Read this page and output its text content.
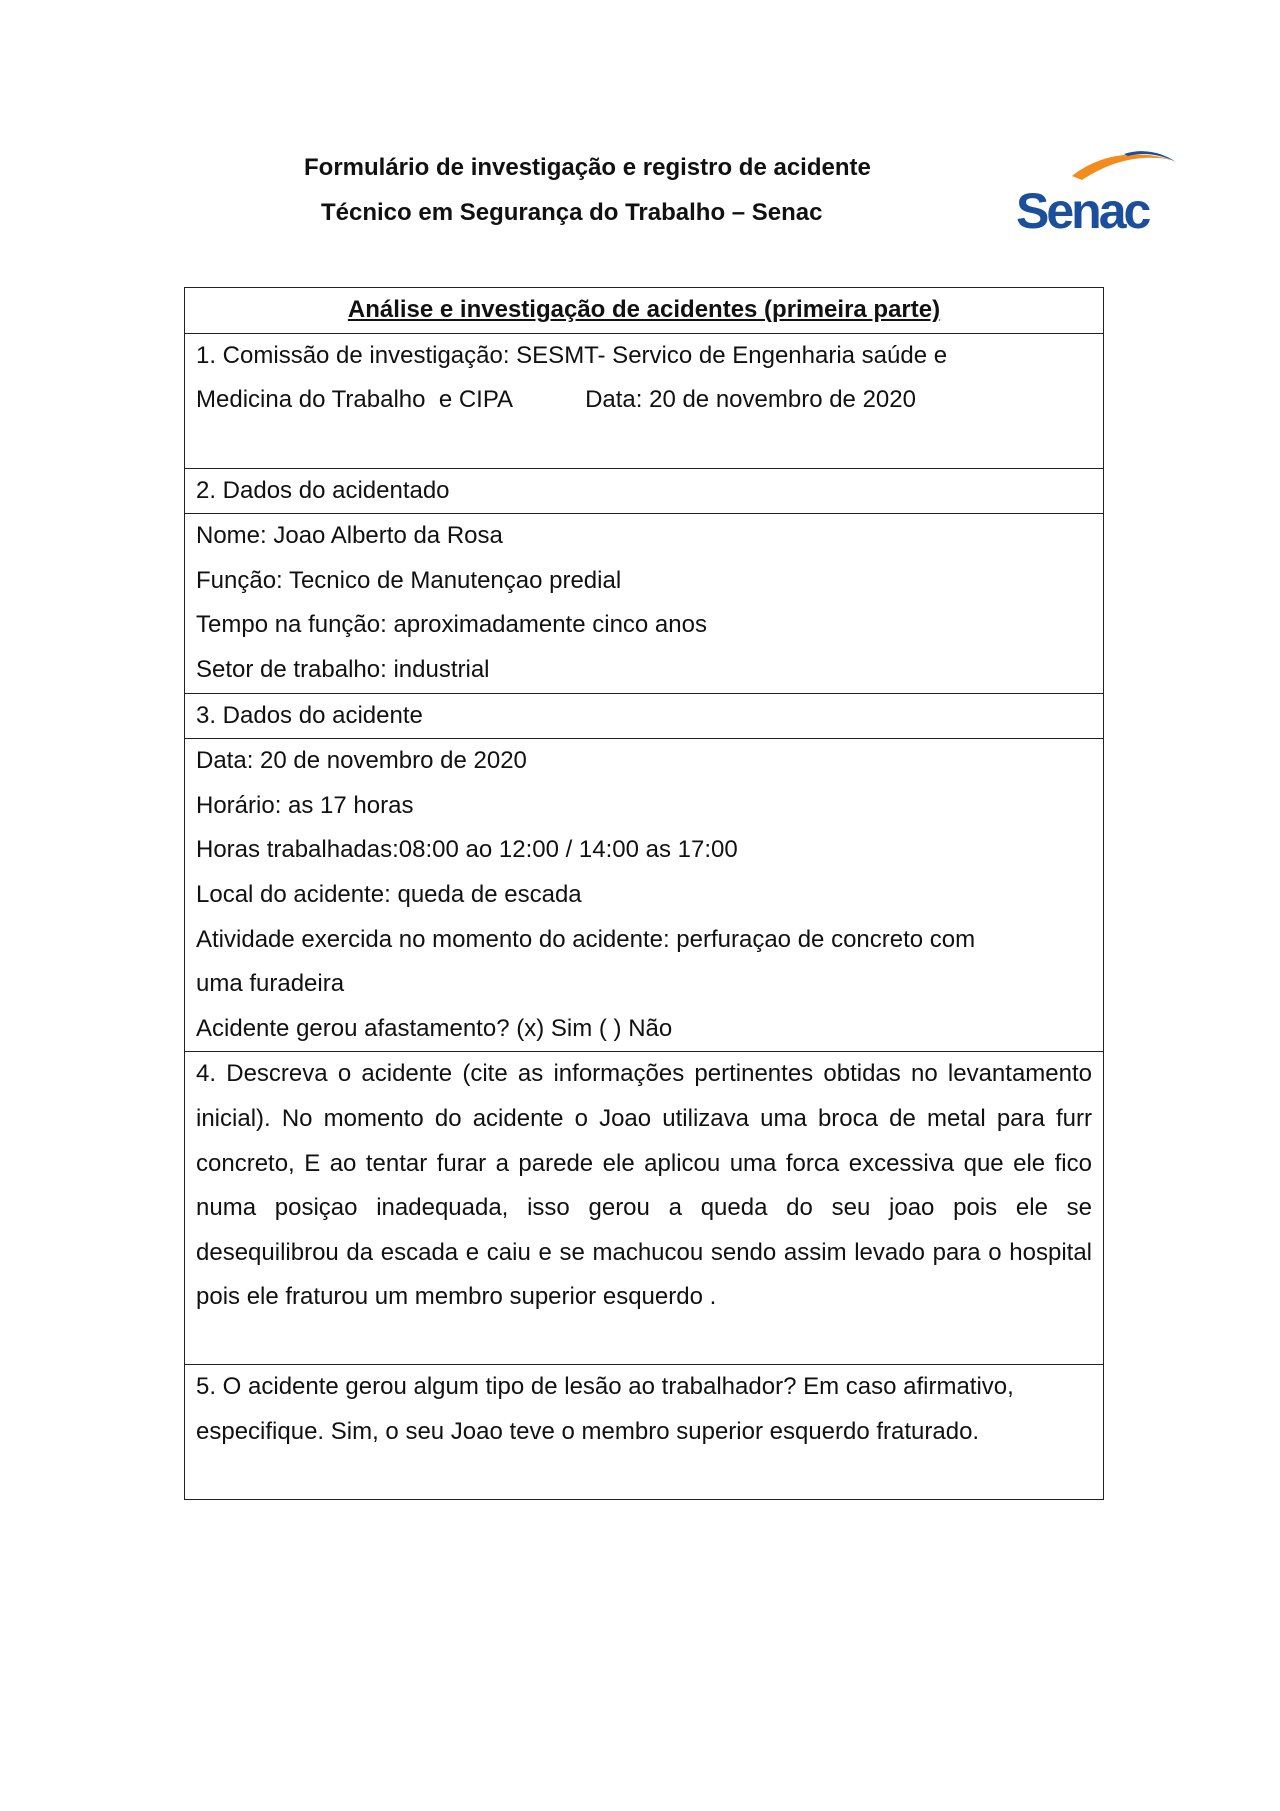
Formulário de investigação e registro de acidente
Técnico em Segurança do Trabalho – Senac	Senac
Análise e investigação de acidentes (primeira parte)

1. Comissão de investigação: SESMT- Servico de Engenharia saúde e
Medicina do Trabalho  e CIPA	Data: 20 de novembro de 2020

2. Dados do acidentado

Nome: Joao Alberto da Rosa
Função: Tecnico de Manutençao predial
Tempo na função: aproximadamente cinco anos
Setor de trabalho: industrial

3. Dados do acidente

Data: 20 de novembro de 2020
Horário: as 17 horas
Horas trabalhadas:08:00 ao 12:00 / 14:00 as 17:00
Local do acidente: queda de escada
Atividade exercida no momento do acidente: perfuraçao de concreto com
uma furadeira
Acidente gerou afastamento? (x) Sim ( ) Não

4. Descreva o acidente (cite as informações pertinentes obtidas no levantamento inicial). No momento do acidente o Joao utilizava uma broca de metal para furr concreto, E ao tentar furar a parede ele aplicou uma forca excessiva que ele fico numa posiçao inadequada, isso gerou a queda do seu joao pois ele se desequilibrou da escada e caiu e se machucou sendo assim levado para o hospital pois ele fraturou um membro superior esquerdo .

5. O acidente gerou algum tipo de lesão ao trabalhador? Em caso afirmativo, especifique. Sim, o seu Joao teve o membro superior esquerdo fraturado.
